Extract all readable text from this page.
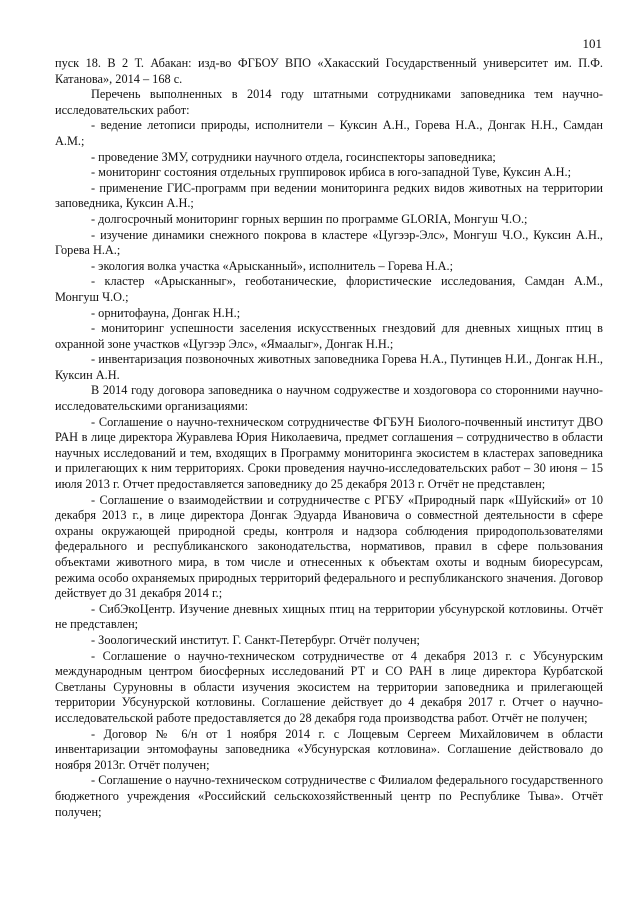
101

пуск 18. В 2 Т. Абакан: изд-во ФГБОУ ВПО «Хакасский Государственный университет им. П.Ф. Катанова», 2014 – 168 с.

Перечень выполненных в 2014 году штатными сотрудниками заповедника тем научно-исследовательских работ:

- ведение летописи природы, исполнители – Куксин А.Н., Горева Н.А., Донгак Н.Н., Самдан А.М.;

- проведение ЗМУ, сотрудники научного отдела, госинспекторы заповедника;

- мониторинг состояния отдельных группировок ирбиса в юго-западной Туве, Куксин А.Н.;

- применение ГИС-программ при ведении мониторинга редких видов животных на территории заповедника, Куксин А.Н.;

- долгосрочный мониторинг горных вершин по программе GLORIA, Монгуш Ч.О.;

- изучение динамики снежного покрова в кластере «Цугээр-Элс», Монгуш Ч.О., Куксин А.Н., Горева Н.А.;

- экология волка участка «Арысканный», исполнитель – Горева Н.А.;

- кластер «Арысканныг», геоботанические, флористические исследования, Самдан А.М., Монгуш Ч.О.;

- орнитофауна, Донгак Н.Н.;

- мониторинг успешности заселения искусственных гнездовий для дневных хищных птиц в охранной зоне участков «Цугээр Элс», «Ямаалыг», Донгак Н.Н.;

- инвентаризация позвоночных животных заповедника Горева Н.А., Путинцев Н.И., Донгак Н.Н., Куксин А.Н.

В 2014 году договора заповедника о научном содружестве и хоздоговора со сторонними научно-исследовательскими организациями:

- Соглашение о научно-техническом сотрудничестве ФГБУН Биолого-почвенный институт ДВО РАН в лице директора Журавлева Юрия Николаевича, предмет соглашения – сотрудничество в области научных исследований и тем, входящих в Программу мониторинга экосистем в кластерах заповедника и прилегающих к ним территориях. Сроки проведения научно-исследовательских работ – 30 июня – 15 июля 2013 г. Отчет предоставляется заповеднику до 25 декабря 2013 г. Отчёт не представлен;

- Соглашение о взаимодействии и сотрудничестве с РГБУ «Природный парк «Шуйский» от 10 декабря 2013 г., в лице директора Донгак Эдуарда Ивановича о совместной деятельности в сфере охраны окружающей природной среды, контроля и надзора соблюдения природопользователями федерального и республиканского законодательства, нормативов, правил в сфере пользования объектами животного мира, в том числе и отнесенных к объектам охоты и водным биоресурсам, режима особо охраняемых природных территорий федерального и республиканского значения. Договор действует до 31 декабря 2014 г.;

- СибЭкоЦентр. Изучение дневных хищных птиц на территории убсунурской котловины. Отчёт не представлен;

- Зоологический институт. Г. Санкт-Петербург. Отчёт получен;

- Соглашение о научно-техническом сотрудничестве от 4 декабря 2013 г. с Убсунурским международным центром биосферных исследований РТ и СО РАН в лице директора Курбатской Светланы Суруновны в области изучения экосистем на территории заповедника и прилегающей территории Убсунурской котловины. Соглашение действует до 4 декабря 2017 г. Отчет о научно-исследовательской работе предоставляется до 28 декабря года производства работ. Отчёт не получен;

- Договор № 6/н от 1 ноября 2014 г. с Лощевым Сергеем Михайловичем в области инвентаризации энтомофауны заповедника «Убсунурская котловина». Соглашение действовало до ноября 2013г. Отчёт получен;

- Соглашение о научно-техническом сотрудничестве с Филиалом федерального государственного бюджетного учреждения «Российский сельскохозяйственный центр по Республике Тыва». Отчёт получен;
